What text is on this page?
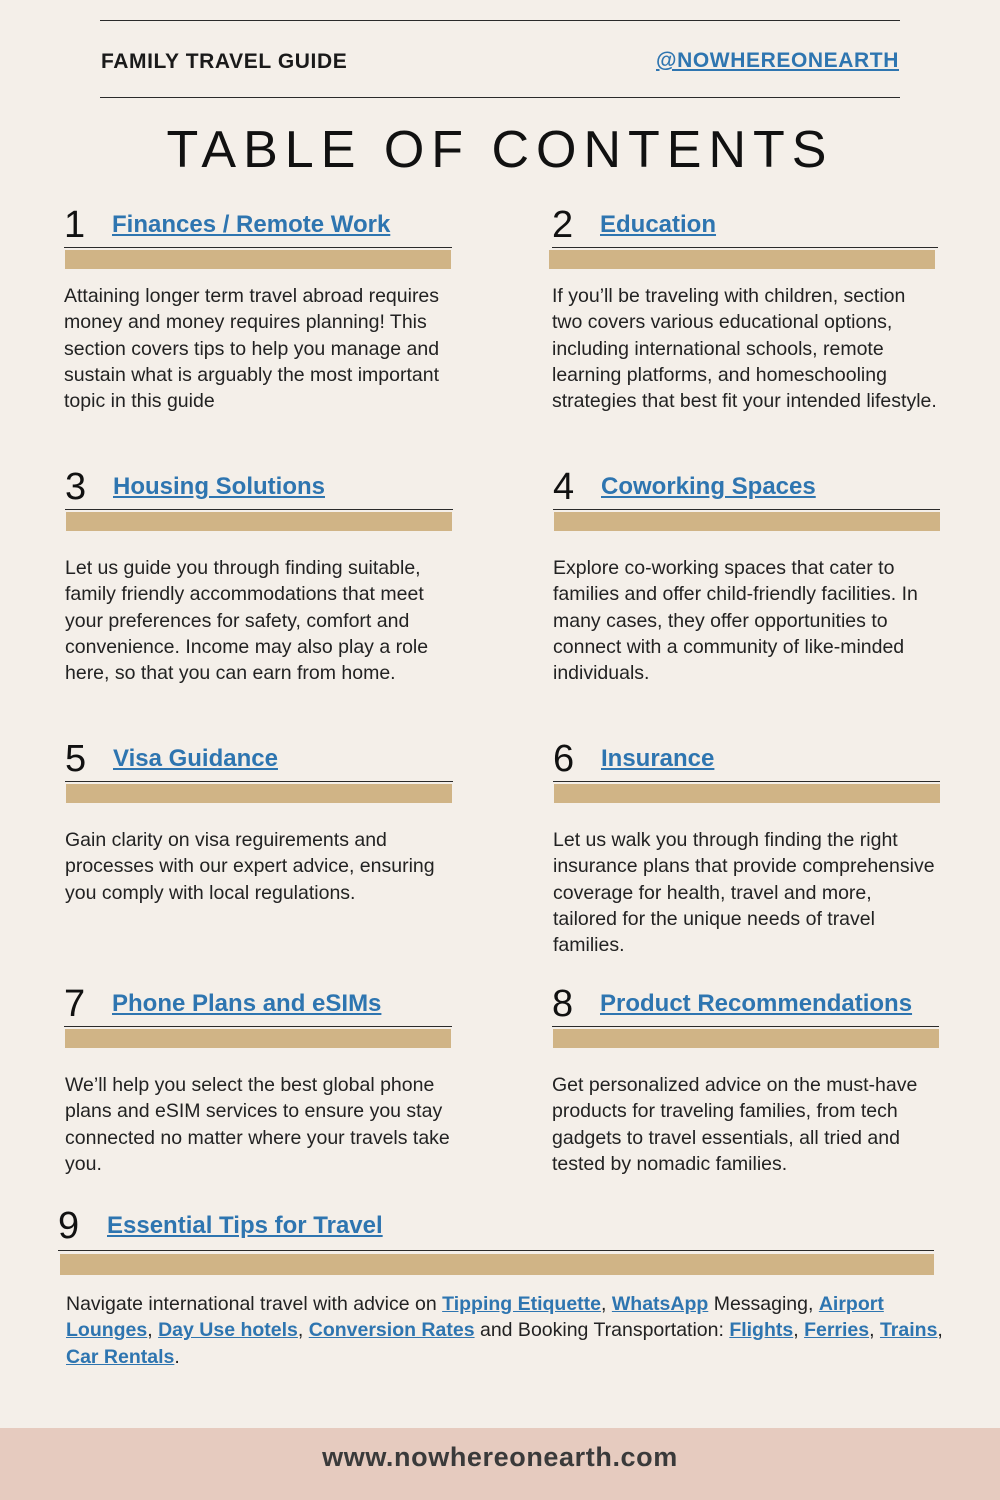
FAMILY TRAVEL GUIDE	@NOWHEREONEARTH
TABLE OF CONTENTS
1 Finances / Remote Work
Attaining longer term travel abroad requires money and money requires planning! This section covers tips to help you manage and sustain what is arguably the most important topic in this guide
2 Education
If you’ll be traveling with children, section two covers various educational options, including international schools, remote learning platforms, and homeschooling strategies that best fit your intended lifestyle.
3 Housing Solutions
Let us guide you through finding suitable, family friendly accommodations that meet your preferences for safety, comfort and convenience. Income may also play a role here, so that you can earn from home.
4 Coworking Spaces
Explore co-working spaces that cater to families and offer child-friendly facilities. In many cases, they offer opportunities to connect with a community of like-minded individuals.
5 Visa Guidance
Gain clarity on visa reguirements and processes with our expert advice, ensuring you comply with local regulations.
6 Insurance
Let us walk you through finding the right insurance plans that provide comprehensive coverage for health, travel and more, tailored for the unique needs of travel families.
7 Phone Plans and eSIMs
We’ll help you select the best global phone plans and eSIM services to ensure you stay connected no matter where your travels take you.
8 Product Recommendations
Get personalized advice on the must-have products for traveling families, from tech gadgets to travel essentials, all tried and tested by nomadic families.
9 Essential Tips for Travel
Navigate international travel with advice on Tipping Etiquette, WhatsApp Messaging, Airport Lounges, Day Use hotels, Conversion Rates and Booking Transportation: Flights, Ferries, Trains, Car Rentals.
www.nowhereonearth.com
